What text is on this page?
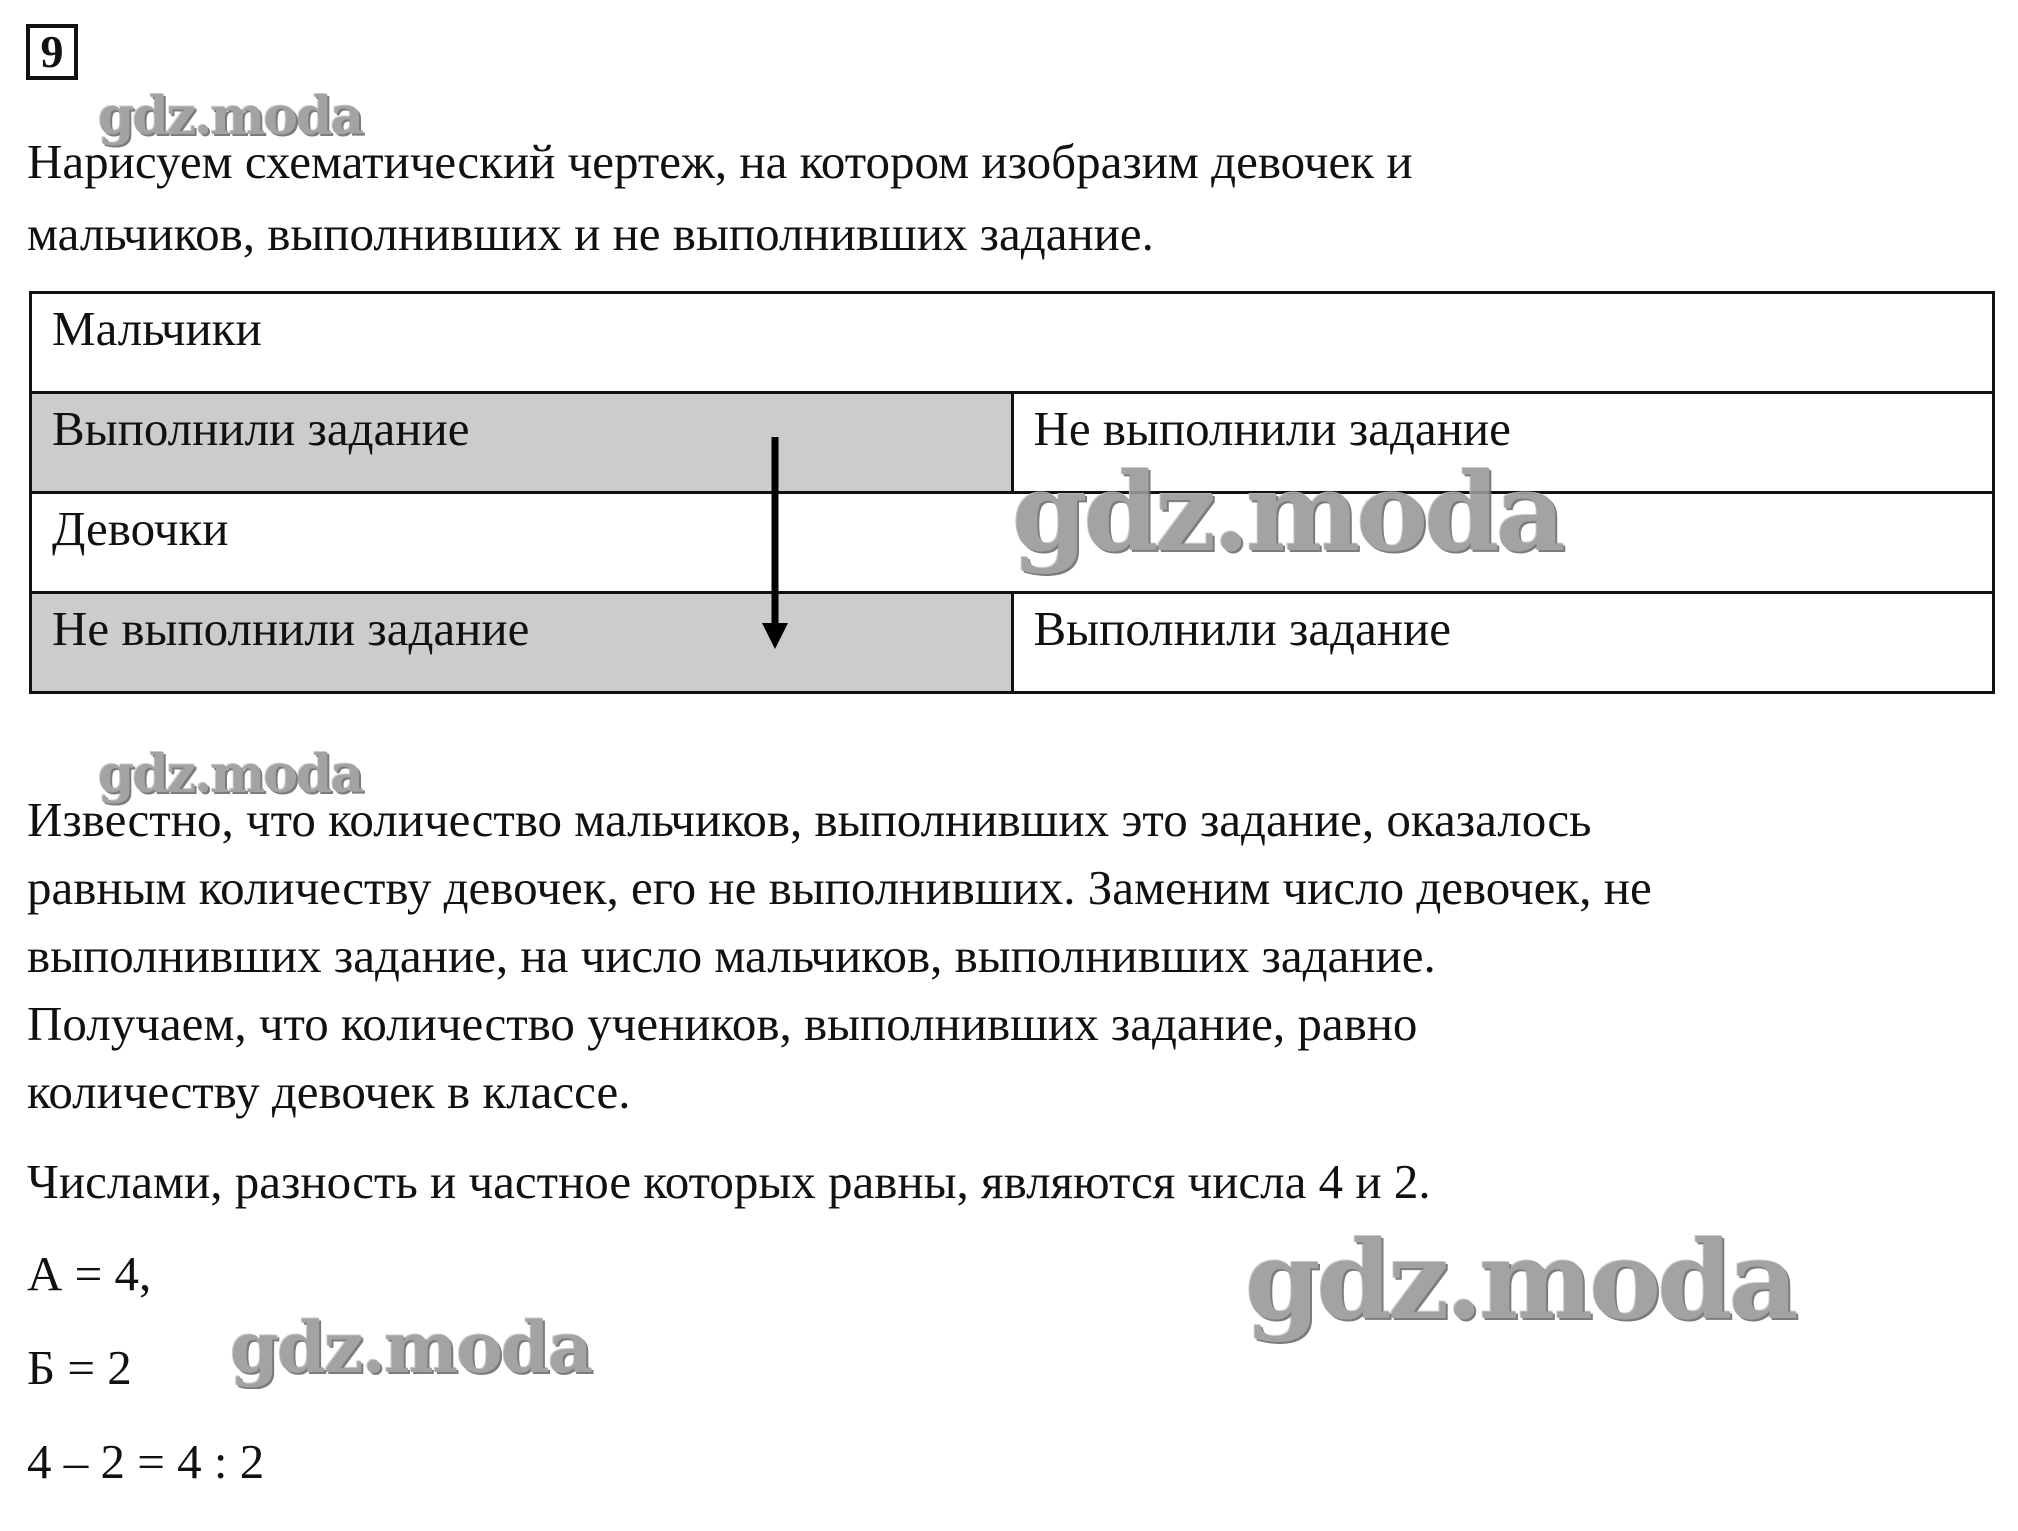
9
gdz.moda

Нарисуем схематический чертеж, на котором изобразим девочек и

мальчиков, выполнивших и не выполнивших задание.

Мальчики	
Выполнили задание	Не выполнили задание
Девочки	
Не выполнили задание	Выполнили задание
gdz.moda
gdz.moda

Известно, что количество мальчиков, выполнивших это задание, оказалось

равным количеству девочек, его не выполнивших. Заменим число девочек, не

выполнивших задание, на число мальчиков, выполнивших задание.

Получаем, что количество учеников, выполнивших задание, равно

количеству девочек в классе.

Числами, разность и частное которых равны, являются числа 4 и 2.

gdz.moda

А = 4,

gdz.moda

Б = 2

4 – 2 = 4 : 2
